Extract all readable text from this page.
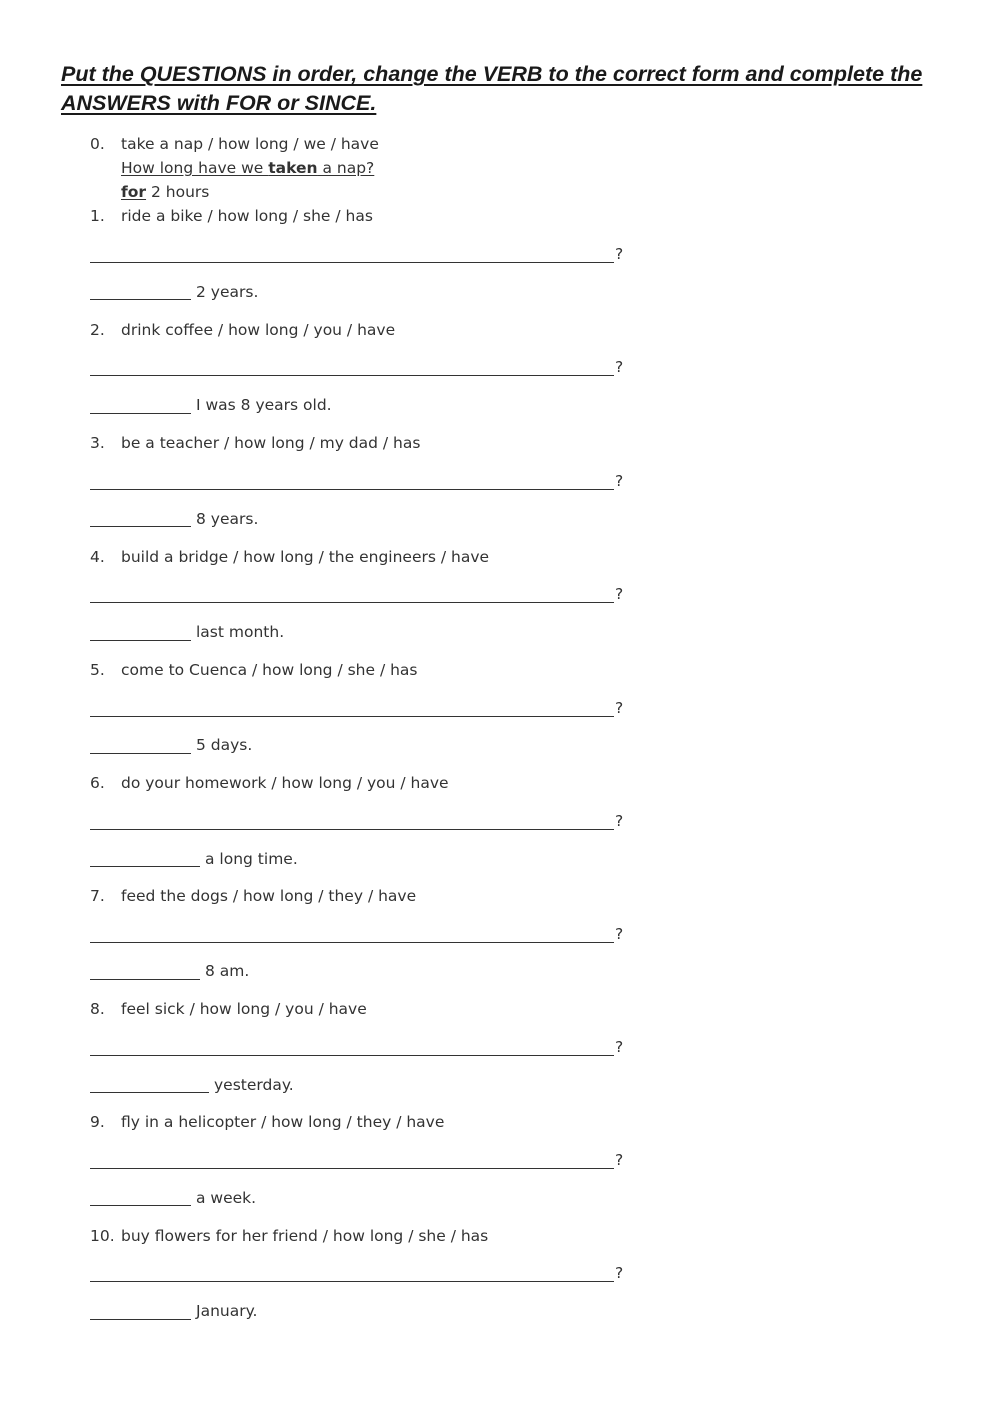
Put the QUESTIONS in order, change the VERB to the correct form and complete the ANSWERS with FOR or SINCE.
0. take a nap / how long / we / have
How long have we taken a nap?
for 2 hours
1. ride a bike / how long / she / has
?
2 years.
2. drink coffee / how long / you / have
?
I was 8 years old.
3. be a teacher / how long / my dad / has
?
8 years.
4. build a bridge / how long / the engineers / have
?
last month.
5. come to Cuenca / how long / she / has
?
5 days.
6. do your homework / how long / you / have
?
a long time.
7. feed the dogs / how long / they / have
?
8 am.
8. feel sick / how long / you / have
?
yesterday.
9. fly in a helicopter / how long / they / have
?
a week.
10. buy flowers for her friend / how long / she / has
?
January.
